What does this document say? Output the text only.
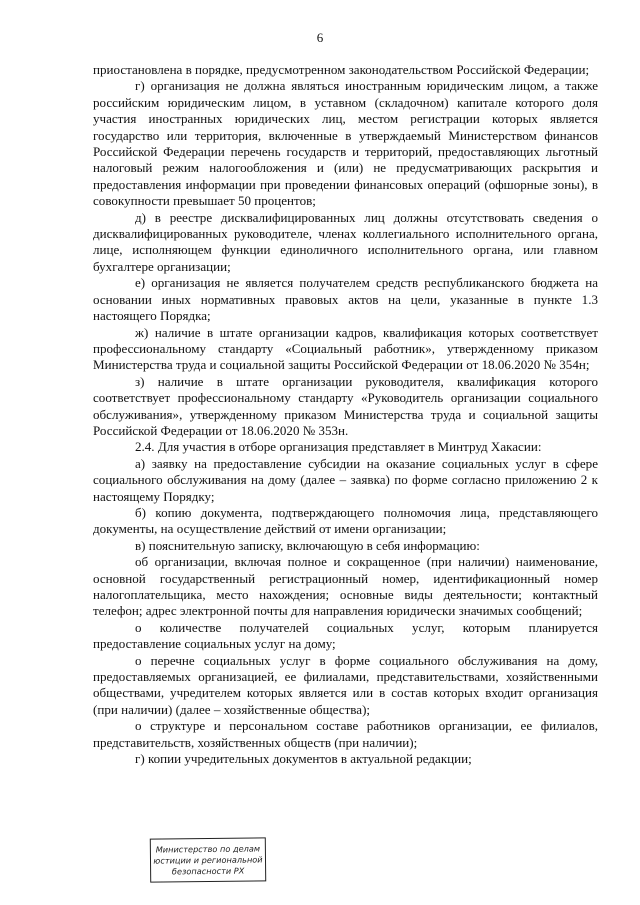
6

приостановлена в порядке, предусмотренном законодательством Российской Федерации;

г) организация не должна являться иностранным юридическим лицом, а также российским юридическим лицом, в уставном (складочном) капитале которого доля участия иностранных юридических лиц, местом регистрации которых является государство или территория, включенные в утверждаемый Министерством финансов Российской Федерации перечень государств и территорий, предоставляющих льготный налоговый режим налогообложения и (или) не предусматривающих раскрытия и предоставления информации при проведении финансовых операций (офшорные зоны), в совокупности превышает 50 процентов;

д) в реестре дисквалифицированных лиц должны отсутствовать сведения о дисквалифицированных руководителе, членах коллегиального исполнительного органа, лице, исполняющем функции единоличного исполнительного органа, или главном бухгалтере организации;

е) организация не является получателем средств республиканского бюджета на основании иных нормативных правовых актов на цели, указанные в пункте 1.3 настоящего Порядка;

ж) наличие в штате организации кадров, квалификация которых соответствует профессиональному стандарту «Социальный работник», утвержденному приказом Министерства труда и социальной защиты Российской Федерации от 18.06.2020 № 354н;

з) наличие в штате организации руководителя, квалификация которого соответствует профессиональному стандарту «Руководитель организации социального обслуживания», утвержденному приказом Министерства труда и социальной защиты Российской Федерации от 18.06.2020 № 353н.

2.4. Для участия в отборе организация представляет в Минтруд Хакасии:

а) заявку на предоставление субсидии на оказание социальных услуг в сфере социального обслуживания на дому (далее – заявка) по форме согласно приложению 2 к настоящему Порядку;

б) копию документа, подтверждающего полномочия лица, представляющего документы, на осуществление действий от имени организации;

в) пояснительную записку, включающую в себя информацию:

об организации, включая полное и сокращенное (при наличии) наименование, основной государственный регистрационный номер, идентификационный номер налогоплательщика, место нахождения; основные виды деятельности; контактный телефон; адрес электронной почты для направления юридически значимых сообщений;

о количестве получателей социальных услуг, которым планируется предоставление социальных услуг на дому;

о перечне социальных услуг в форме социального обслуживания на дому, предоставляемых организацией, ее филиалами, представительствами, хозяйственными обществами, учредителем которых является или в состав которых входит организация (при наличии) (далее – хозяйственные общества);

о структуре и персональном составе работников организации, ее филиалов, представительств, хозяйственных обществ (при наличии);

г) копии учредительных документов в актуальной редакции;

Министерство по делам
юстиции и региональной
безопасности РХ
